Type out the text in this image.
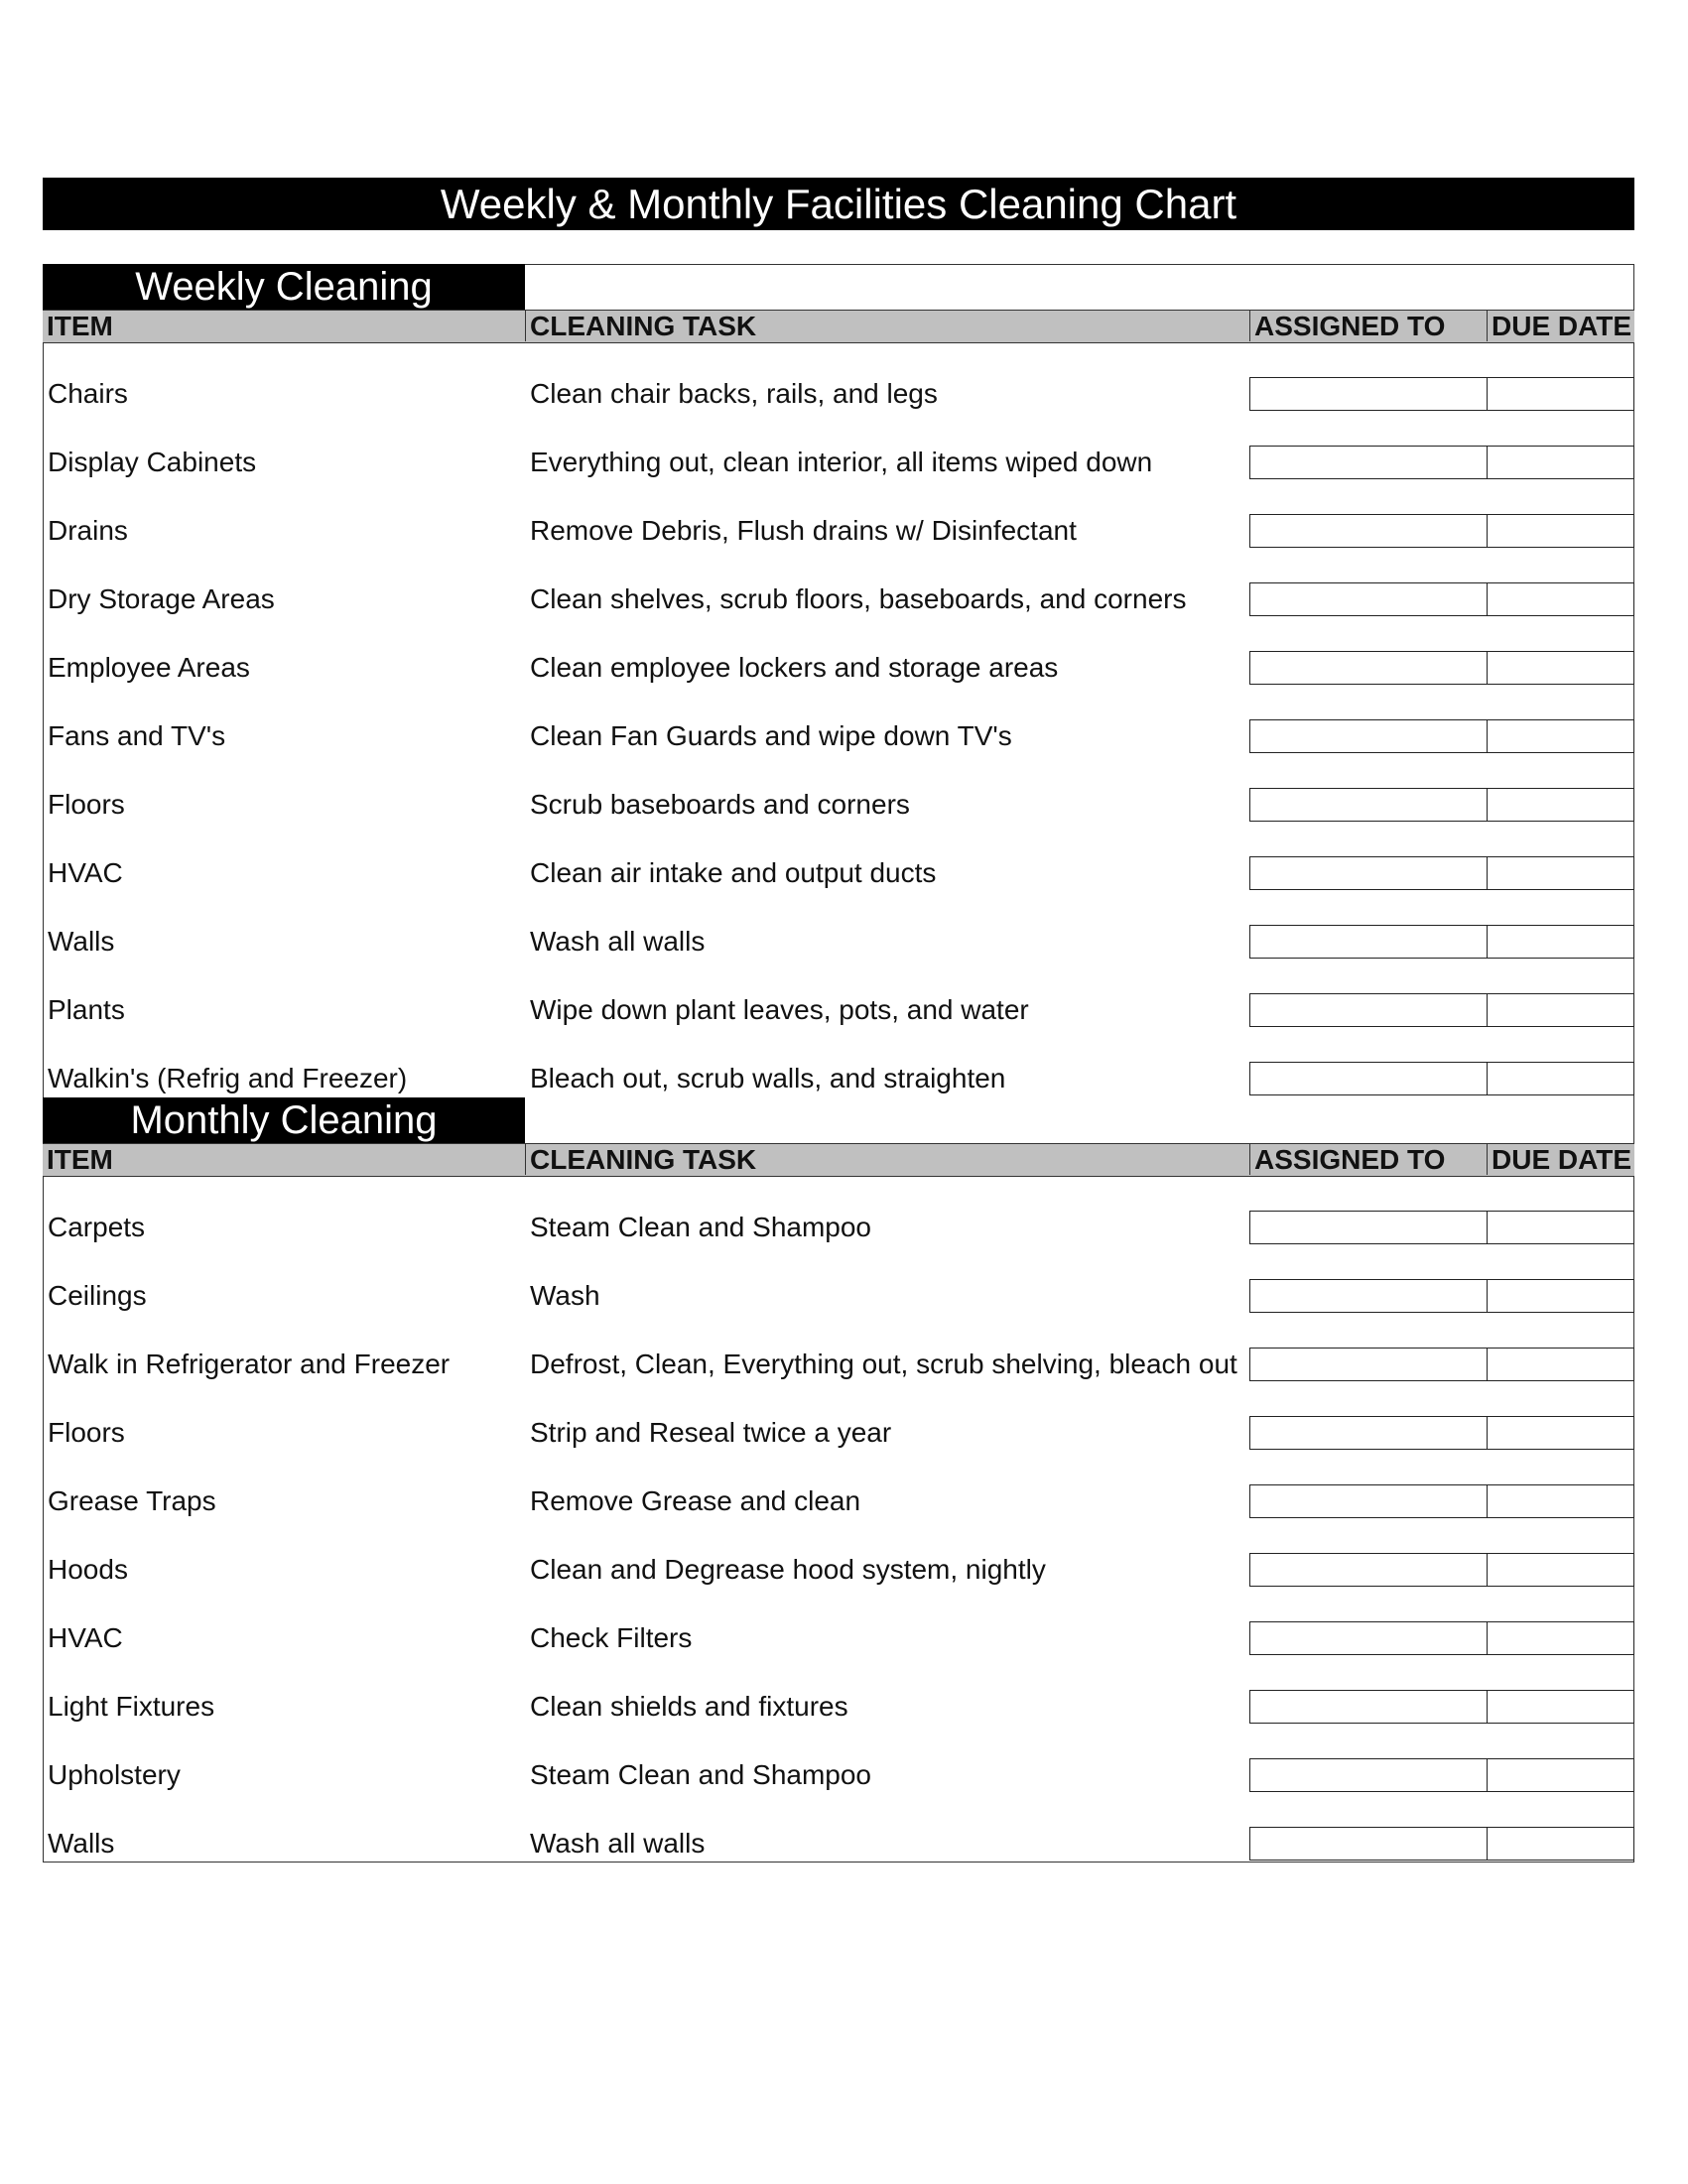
Weekly & Monthly Facilities Cleaning Chart
Weekly Cleaning
ITEM	CLEANING TASK	ASSIGNED TO	DUE DATE
Chairs	Clean chair backs, rails, and legs
Display Cabinets	Everything out, clean interior, all items wiped down
Drains	Remove Debris, Flush drains w/ Disinfectant
Dry Storage Areas	Clean shelves, scrub floors, baseboards, and corners
Employee Areas	Clean employee lockers and storage areas
Fans and TV's	Clean Fan Guards and wipe down TV's
Floors	Scrub baseboards and corners
HVAC	Clean air intake and output ducts
Walls	Wash all walls
Plants	Wipe down plant leaves, pots, and water
Walkin's (Refrig and Freezer)	Bleach out, scrub walls, and straighten
Monthly Cleaning
ITEM	CLEANING TASK	ASSIGNED TO	DUE DATE
Carpets	Steam Clean and Shampoo
Ceilings	Wash
Walk in Refrigerator and Freezer	Defrost, Clean, Everything out, scrub shelving, bleach out
Floors	Strip and Reseal twice a year
Grease Traps	Remove Grease and clean
Hoods	Clean and Degrease hood system, nightly
HVAC	Check Filters
Light Fixtures	Clean shields and fixtures
Upholstery	Steam Clean and Shampoo
Walls	Wash all walls
